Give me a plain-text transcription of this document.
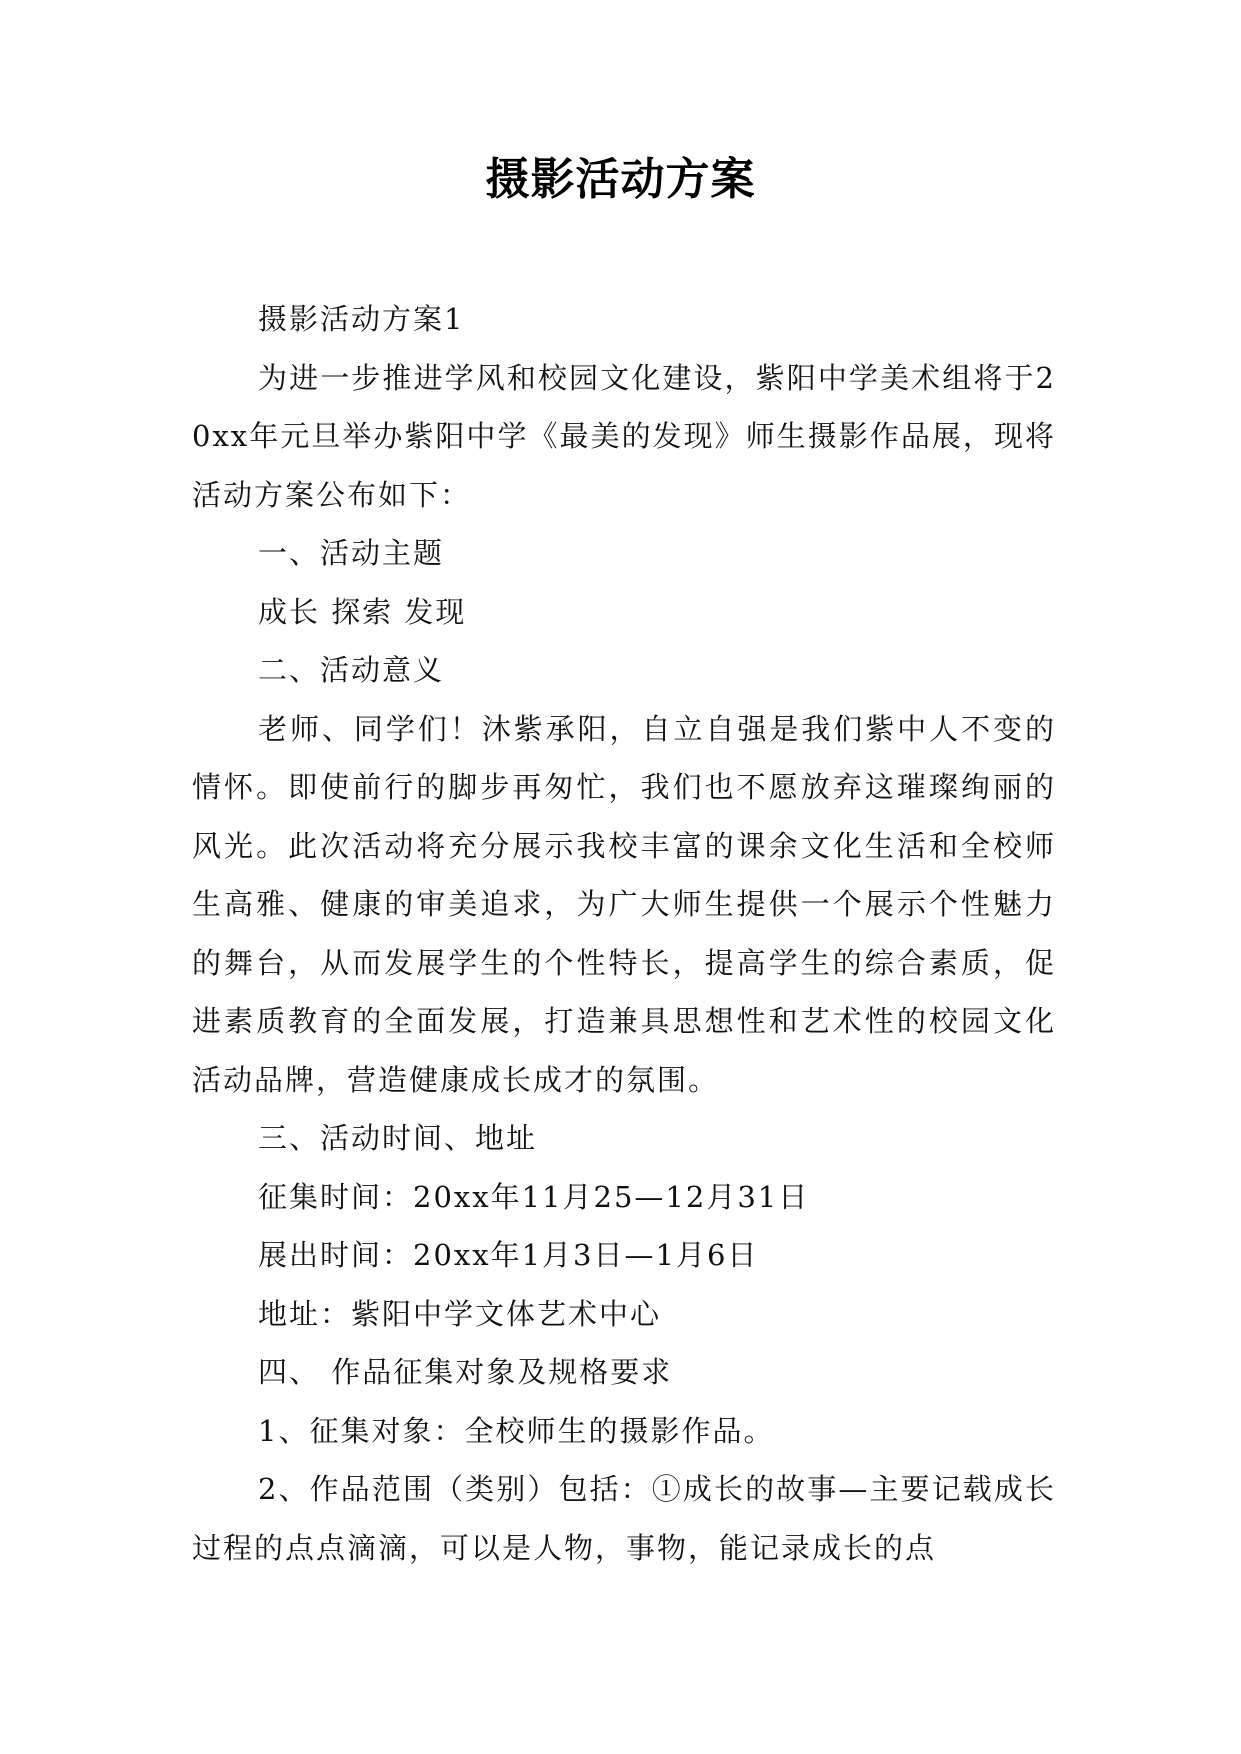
摄影活动方案

摄影活动方案1

为进一步推进学风和校园文化建设，紫阳中学美术组将于20xx年元旦举办紫阳中学《最美的发现》师生摄影作品展，现将活动方案公布如下：

一、活动主题

成长 探索 发现

二、活动意义

老师、同学们！沐紫承阳，自立自强是我们紫中人不变的情怀。即使前行的脚步再匆忙，我们也不愿放弃这璀璨绚丽的风光。此次活动将充分展示我校丰富的课余文化生活和全校师生高雅、健康的审美追求，为广大师生提供一个展示个性魅力的舞台，从而发展学生的个性特长，提高学生的综合素质，促进素质教育的全面发展，打造兼具思想性和艺术性的校园文化活动品牌，营造健康成长成才的氛围。

三、活动时间、地址

征集时间：20xx年11月25—12月31日

展出时间：20xx年1月3日—1月6日

地址：紫阳中学文体艺术中心

四、 作品征集对象及规格要求

1、征集对象：全校师生的摄影作品。

2、作品范围（类别）包括：①成长的故事—主要记载成长过程的点点滴滴，可以是人物，事物，能记录成长的点
